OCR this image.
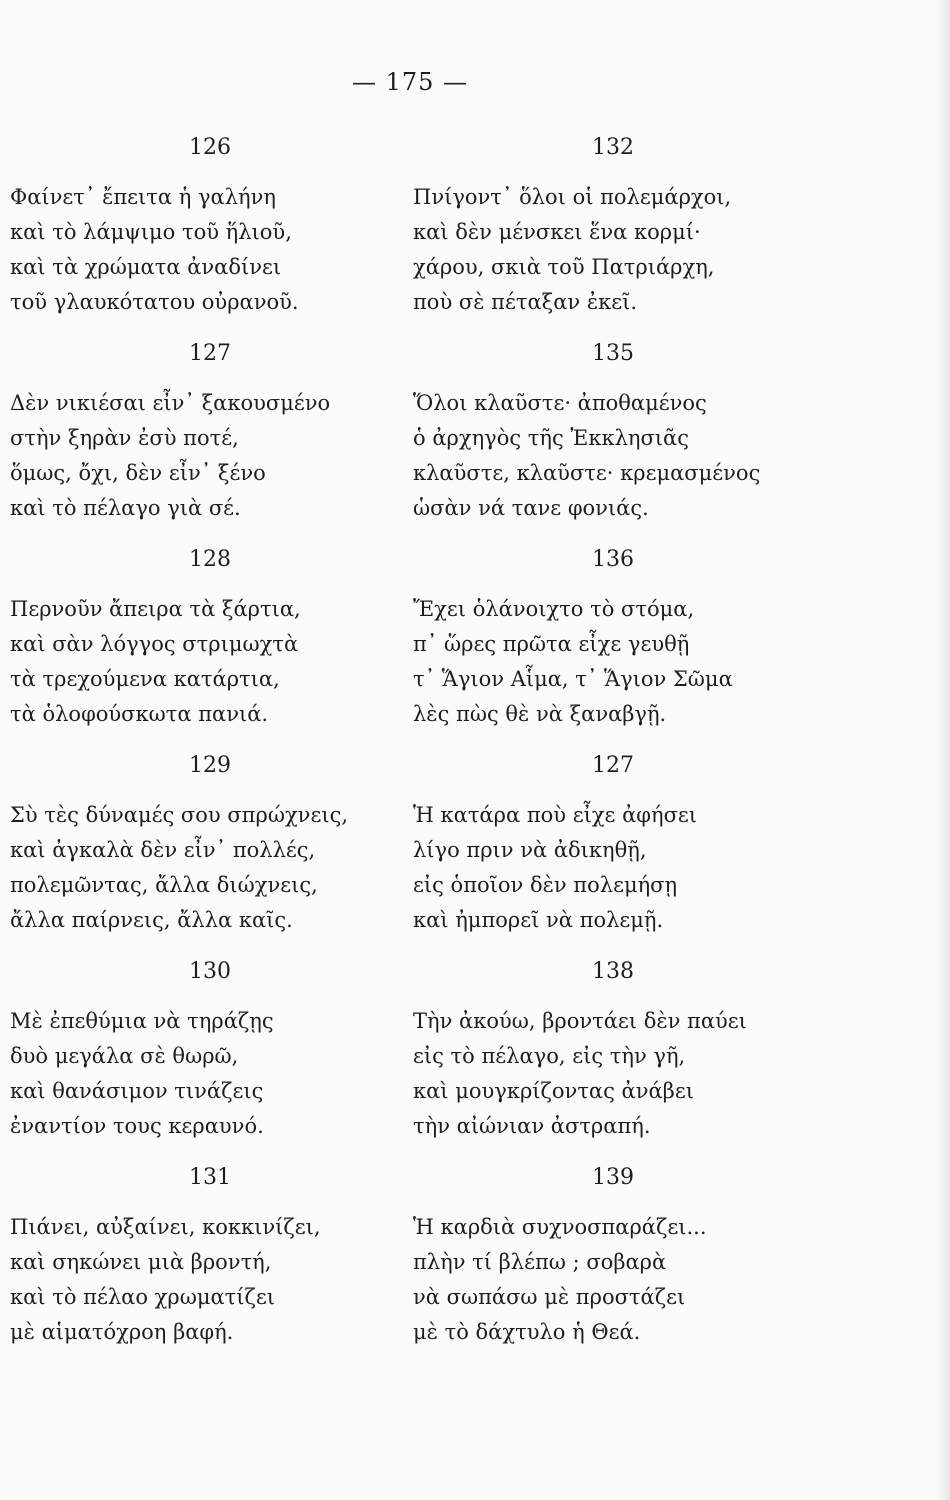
— 175 —
126
Φαίνετ᾽ ἔπειτα ἡ γαλήνη
καὶ τὸ λάμψιμο τοῦ ἥλιοῦ,
καὶ τὰ χρώματα ἀναδίνει
τοῦ γλαυκότατου οὐρανοῦ.
127
Δὲν νικιέσαι εἶν᾽ ξακουσμένο
στὴν ξηρὰν ἐσὺ ποτέ,
ὅμως, ὄχι, δὲν εἶν᾽ ξένο
καὶ τὸ πέλαγο γιὰ σέ.
128
Περνοῦν ἄπειρα τὰ ξάρτια,
καὶ σὰν λόγγος στριμωχτὰ
τὰ τρεχούμενα κατάρτια,
τὰ ὁλοφούσκωτα πανιά.
129
Σὺ τὲς δύναμές σου σπρώχνεις,
καὶ ἀγκαλὰ δὲν εἶν᾽ πολλές,
πολεμῶντας, ἄλλα διώχνεις,
ἄλλα παίρνεις, ἄλλα καῖς.
130
Μὲ ἐπεθύμια νὰ τηράζῃς
δυὸ μεγάλα σὲ θωρῶ,
καὶ θανάσιμον τινάζεις
ἐναντίον τους κεραυνό.
131
Πιάνει, αὐξαίνει, κοκκινίζει,
καὶ σηκώνει μιὰ βροντή,
καὶ τὸ πέλαο χρωματίζει
μὲ αἱματόχροη βαφή.
132
Πνίγοντ᾽ ὅλοι οἱ πολεμάρχοι,
καὶ δὲν μένσκει ἕνα κορμί·
χάρου, σκιὰ τοῦ Πατριάρχη,
ποὺ σὲ πέταξαν ἐκεῖ.
135
Ὅλοι κλαῦστε· ἀποθαμένος
ὁ ἀρχηγὸς τῆς Ἐκκλησιᾶς
κλαῦστε, κλαῦστε· κρεμασμένος
ὡσὰν νά τανε φονιάς.
136
Ἔχει ὁλάνοιχτο τὸ στόμα,
π᾽ ὥρες πρῶτα εἶχε γευθῇ
τ᾽ Ἅγιον Αἷμα, τ᾽ Ἅγιον Σῶμα
λὲς πὼς θὲ νὰ ξαναβγῇ.
127
Ἡ κατάρα ποὺ εἶχε ἀφήσει
λίγο πριν νὰ ἀδικηθῇ,
εἰς ὁποῖον δὲν πολεμήσῃ
καὶ ἠμπορεῖ νὰ πολεμῇ.
138
Τὴν ἀκούω, βροντάει δὲν παύει
εἰς τὸ πέλαγο, εἰς τὴν γῆ,
καὶ μουγκρίζοντας ἀνάβει
τὴν αἰώνιαν ἀστραπή.
139
Ἡ καρδιὰ συχνοσπαράζει...
πλὴν τί βλέπω ; σοβαρὰ
νὰ σωπάσω μὲ προστάζει
μὲ τὸ δάχτυλο ἡ Θεά.
